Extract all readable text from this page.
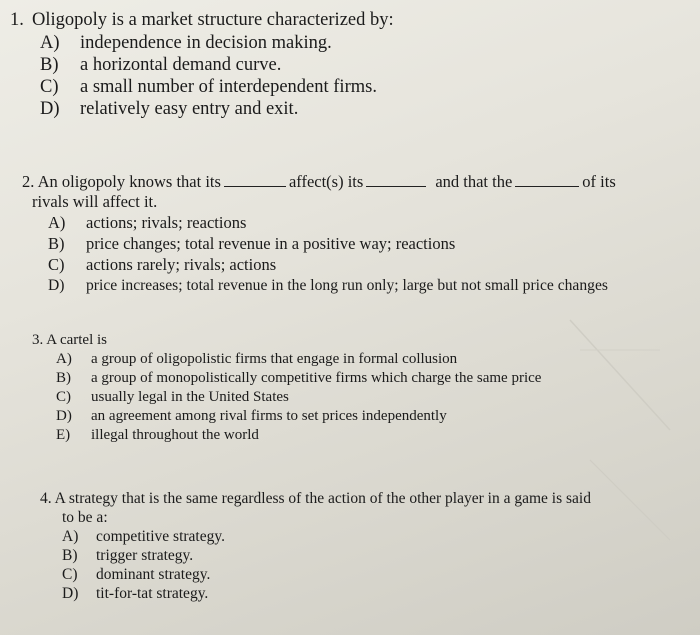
1. Oligopoly is a market structure characterized by:
A)	independence in decision making.
B)	a horizontal demand curve.
C)	a small number of interdependent firms.
D)	relatively easy entry and exit.
2. An oligopoly knows that its	affect(s) its	and that the	of its
rivals will affect it.
A)	actions; rivals; reactions
B)	price changes; total revenue in a positive way; reactions
C)	actions rarely; rivals; actions
D)	price increases; total revenue in the long run only; large but not small price changes
3. A cartel is
A)	a group of oligopolistic firms that engage in formal collusion
B)	a group of monopolistically competitive firms which charge the same price
C)	usually legal in the United States
D)	an agreement among rival firms to set prices independently
E)	illegal throughout the world
4. A strategy that is the same regardless of the action of the other player in a game is said
to be a:
A)	competitive strategy.
B)	trigger strategy.
C)	dominant strategy.
D)	tit-for-tat strategy.
